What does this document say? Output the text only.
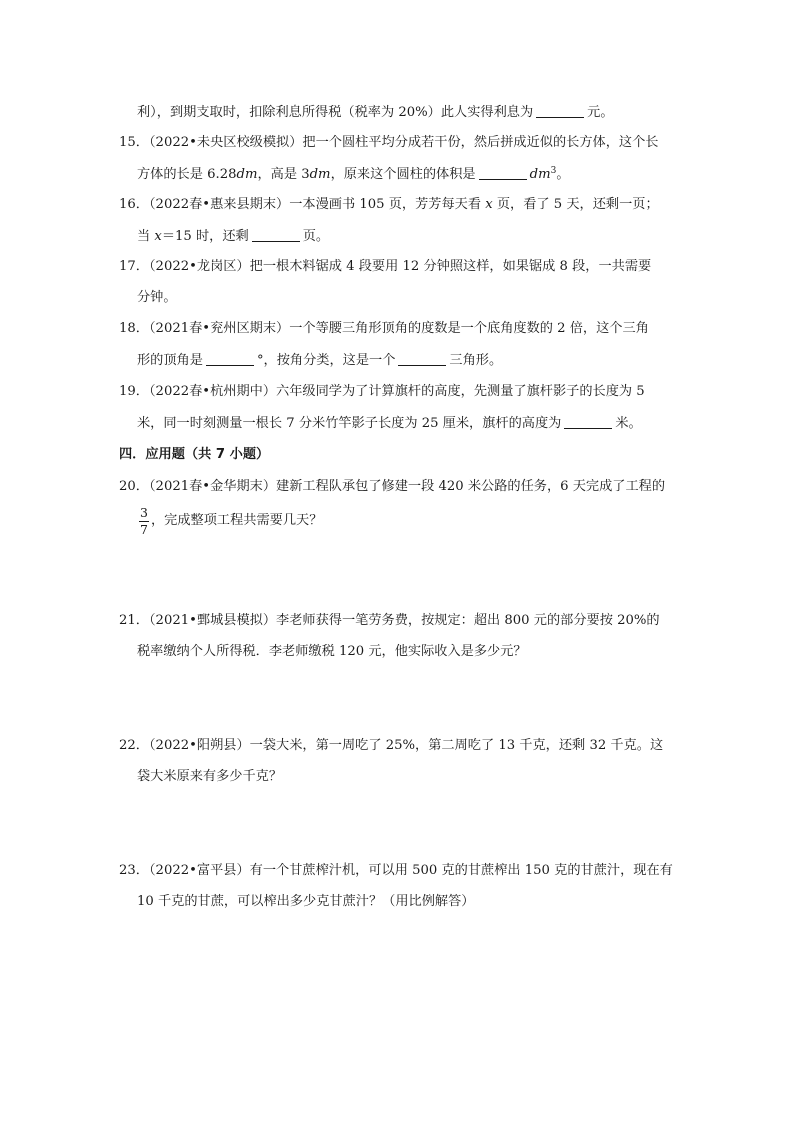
利），到期支取时，扣除利息所得税（税率为 20%）此人实得利息为	元。
15．（2022•未央区校级模拟）把一个圆柱平均分成若干份，然后拼成近似的长方体，这个长
方体的长是 6.28dm，高是 3dm，原来这个圆柱的体积是	$dm^3$。
16．（2022春•惠来县期末）一本漫画书 105 页，芳芳每天看 x 页，看了 5 天，还剩一页；
当 x＝15 时，还剩	页。
17．（2022•龙岗区）把一根木料锯成 4 段要用 12 分钟照这样，如果锯成 8 段，一共需要
分钟。
18．（2021春•兖州区期末）一个等腰三角形顶角的度数是一个底角度数的 2 倍，这个三角
形的顶角是	°，按角分类，这是一个	三角形。
19．（2022春•杭州期中）六年级同学为了计算旗杆的高度，先测量了旗杆影子的长度为 5
米，同一时刻测量一根长 7 分米竹竿影子长度为 25 厘米，旗杆的高度为	米。
四．应用题（共 7 小题）
20．（2021春•金华期末）建新工程队承包了修建一段 420 米公路的任务，6 天完成了工程的
3
7
，完成整项工程共需要几天？
21．（2021•鄄城县模拟）李老师获得一笔劳务费，按规定：超出 800 元的部分要按 20%的
税率缴纳个人所得税．李老师缴税 120 元，他实际收入是多少元？
22．（2022•阳朔县）一袋大米，第一周吃了 25%，第二周吃了 13 千克，还剩 32 千克。这
袋大米原来有多少千克？
23．（2022•富平县）有一个甘蔗榨汁机，可以用 500 克的甘蔗榨出 150 克的甘蔗汁，现在有
10 千克的甘蔗，可以榨出多少克甘蔗汁？（用比例解答）
